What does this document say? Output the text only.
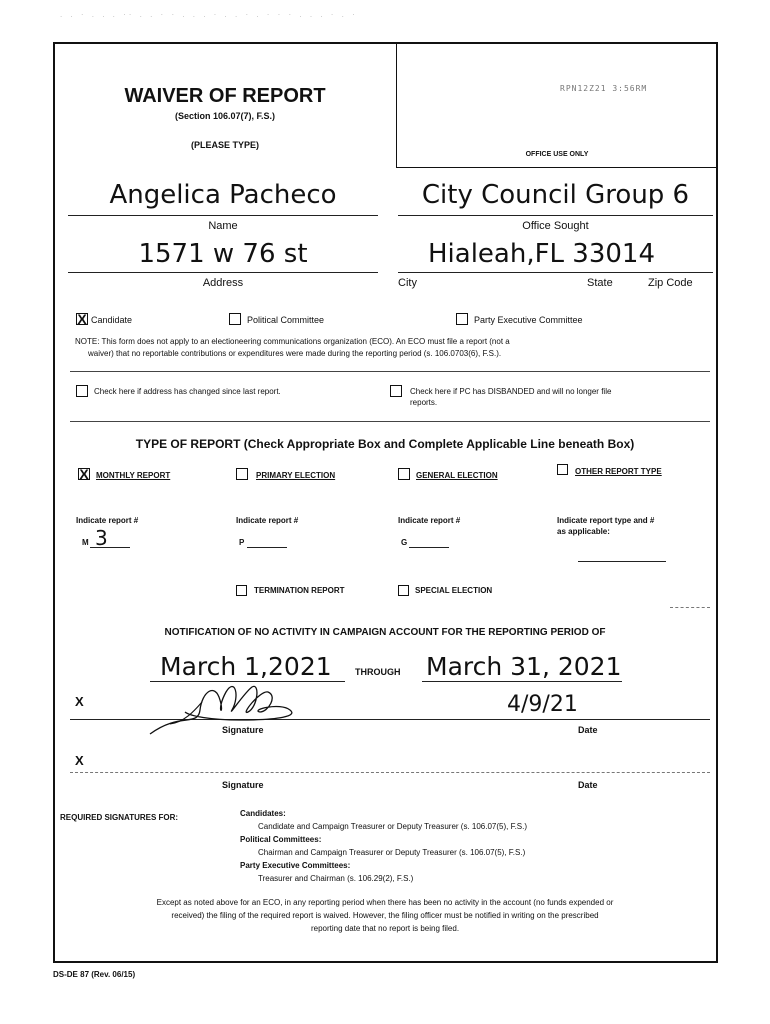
. . · . . . ·· . . · · . . . · . . · . · · · . . . · . ·
WAIVER OF REPORT
(Section 106.07(7), F.S.)
(PLEASE TYPE)
RPN12Z21 3:56RM
OFFICE USE ONLY
Angelica Pacheco
Name
City Council Group 6
Office Sought
1571 w 76 st
Address
Hialeah,FL 33014
City	State	Zip Code
X Candidate	Political Committee	Party Executive Committee
NOTE: This form does not apply to an electioneering communications organization (ECO). An ECO must file a report (not a
waiver) that no reportable contributions or expenditures were made during the reporting period (s. 106.0703(6), F.S.).
Check here if address has changed since last report.	Check here if PC has DISBANDED and will no longer file
reports.
TYPE OF REPORT (Check Appropriate Box and Complete Applicable Line beneath Box)
X MONTHLY REPORT	PRIMARY ELECTION	GENERAL ELECTION	OTHER REPORT TYPE
Indicate report #	Indicate report #	Indicate report #	Indicate report type and #
as applicable:
M 3	P	G
TERMINATION REPORT	SPECIAL ELECTION
NOTIFICATION OF NO ACTIVITY IN CAMPAIGN ACCOUNT FOR THE REPORTING PERIOD OF
March 1,2021	THROUGH March 31, 2021
X	4/9/21
Signature	Date
X
Signature	Date
REQUIRED SIGNATURES FOR:	Candidates:
Candidate and Campaign Treasurer or Deputy Treasurer (s. 106.07(5), F.S.)
Political Committees:
Chairman and Campaign Treasurer or Deputy Treasurer (s. 106.07(5), F.S.)
Party Executive Committees:
Treasurer and Chairman (s. 106.29(2), F.S.)
Except as noted above for an ECO, in any reporting period when there has been no activity in the account (no funds expended or
received) the filing of the required report is waived. However, the filing officer must be notified in writing on the prescribed
reporting date that no report is being filed.
DS-DE 87 (Rev. 06/15)
